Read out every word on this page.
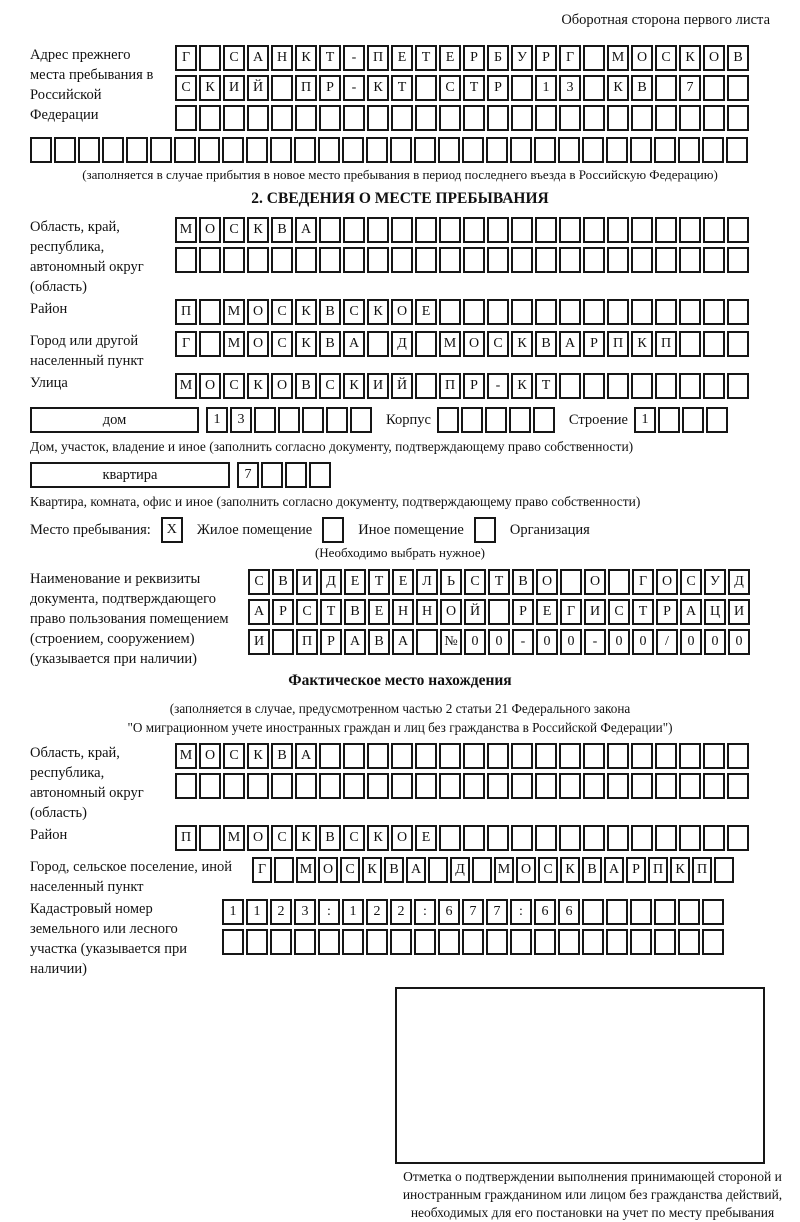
Оборотная сторона первого листа
Адрес прежнего места пребывания в Российской Федерации
Г	С	А Н	К	Т	-	П	Е	Т	Е	Р	Б	У	Р	Г	М О	С	К	О	В
С	К	И Й	П	Р	-	К	Т	С	Т	Р	1	3	К	В	7
(заполняется в случае прибытия в новое место пребывания в период последнего въезда в Российскую Федерацию)
2. СВЕДЕНИЯ О МЕСТЕ ПРЕБЫВАНИЯ
Область, край, республика, автономный округ (область)
М О	С	К	В	А
Район	П	М О	С	К	В	С	К	О	Е
Город или другой населенный пункт
Г	М О	С	К	В	А	Д	М О	С	К	В	А	Р	П	К	П
Улица	М О	С	К	О	В	С	К	И Й	П	Р	-	К	Т
дом	1	3	Корпус	Строение 1
Дом, участок, владение и иное (заполнить согласно документу, подтверждающему право собственности)
квартира	7
Квартира, комната, офис и иное (заполнить согласно документу, подтверждающему право собственности)
Место пребывания:	X	Жилое помещение	Иное помещение	Организация
(Необходимо выбрать нужное)
Наименование и реквизиты документа, подтверждающего право пользования помещением (строением, сооружением) (указывается при наличии)
С	В	И	Д	Е	Т	Е	Л	Ь	С	Т	В	О	О	Г	О	С	У	Д
А	Р	С	Т	В	Е	Н Н О Й	Р	Е	Г	И	С	Т	Р	А Ц И
И	П	Р	А	В	А	№ 0	0	-	0	0	-	0	0	/	0	0	0
Фактическое место нахождения
(заполняется в случае, предусмотренном частью 2 статьи 21 Федерального закона
"О миграционном учете иностранных граждан и лиц без гражданства в Российской Федерации")
Область, край, республика, автономный округ (область)
М О	С	К	В	А
Район	П	М О	С	К	В	С	К	О	Е
Город, сельское поселение, иной населенный пункт
Г	М О С К В А	Д	М О С К В А Р П К П
Кадастровый номер земельного или лесного участка (указывается при наличии)
1	1	2	3	:	1	2	2	:	6	7	7	:	6	6
Отметка о подтверждении выполнения принимающей стороной и иностранным гражданином или лицом без гражданства действий, необходимых для его постановки на учет по месту пребывания
